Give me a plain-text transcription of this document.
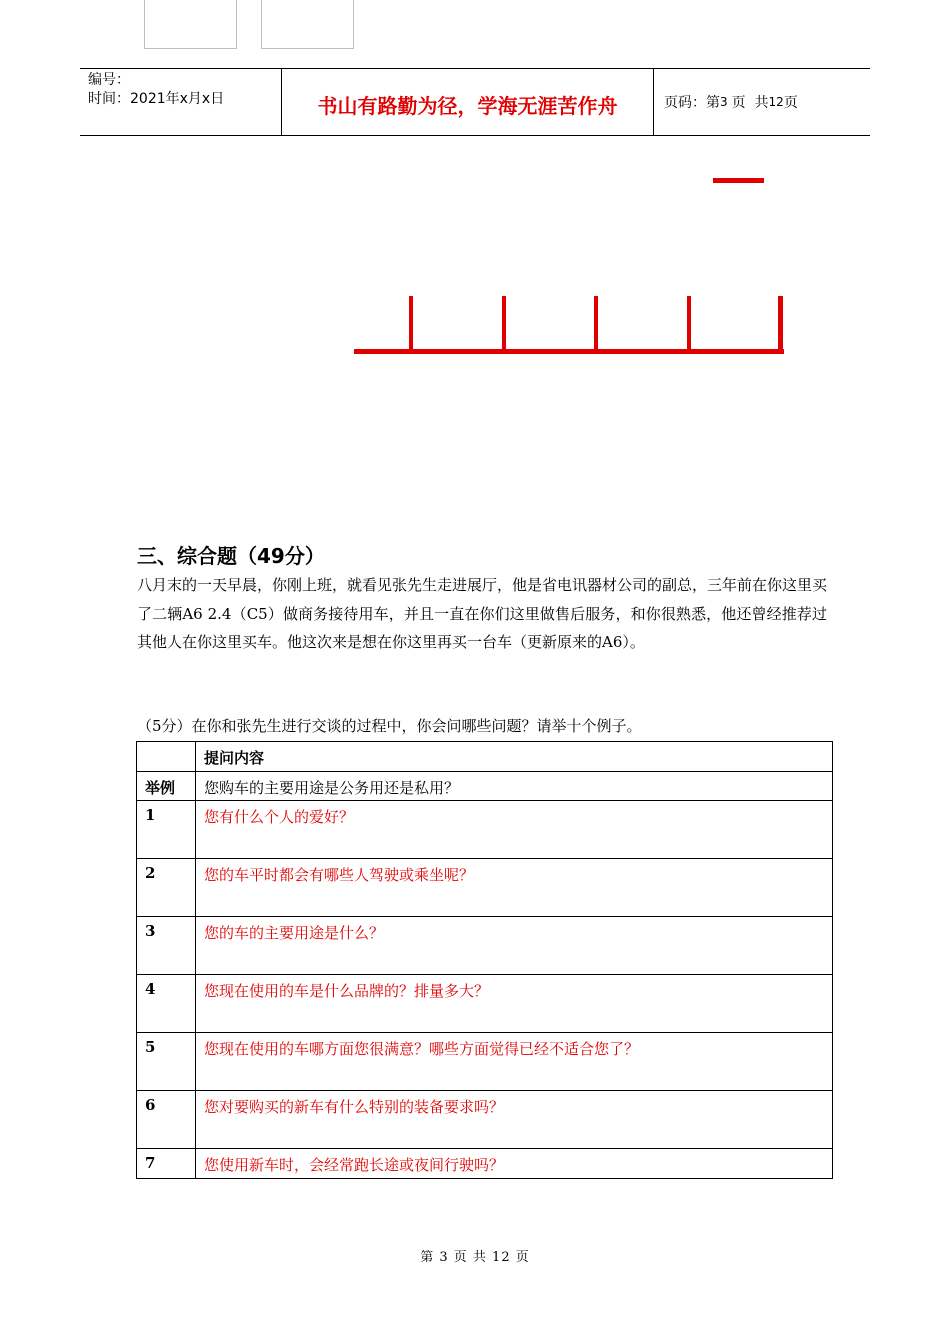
编号：
时间：2021年x月x日	书山有路勤为径，学海无涯苦作舟	页码：第 3 页  共 12 页
三、综合题（49分）
八月末的一天早晨，你刚上班，就看见张先生走进展厅，他是省电讯器材公司的副总，三年前在你这里买了二辆A6 2.4（C5）做商务接待用车，并且一直在你们这里做售后服务，和你很熟悉，他还曾经推荐过其他人在你这里买车。他这次来是想在你这里再买一台车（更新原来的A6）。
（5分）在你和张先生进行交谈的过程中，你会问哪些问题？请举十个例子。
	提问内容
举例	您购车的主要用途是公务用还是私用？
1	您有什么个人的爱好？
2	您的车平时都会有哪些人驾驶或乘坐呢？
3	您的车的主要用途是什么？
4	您现在使用的车是什么品牌的？排量多大？
5	您现在使用的车哪方面您很满意？哪些方面觉得已经不适合您了？
6	您对要购买的新车有什么特别的装备要求吗？
7	您使用新车时，会经常跑长途或夜间行驶吗？
第 3 页 共 12 页
